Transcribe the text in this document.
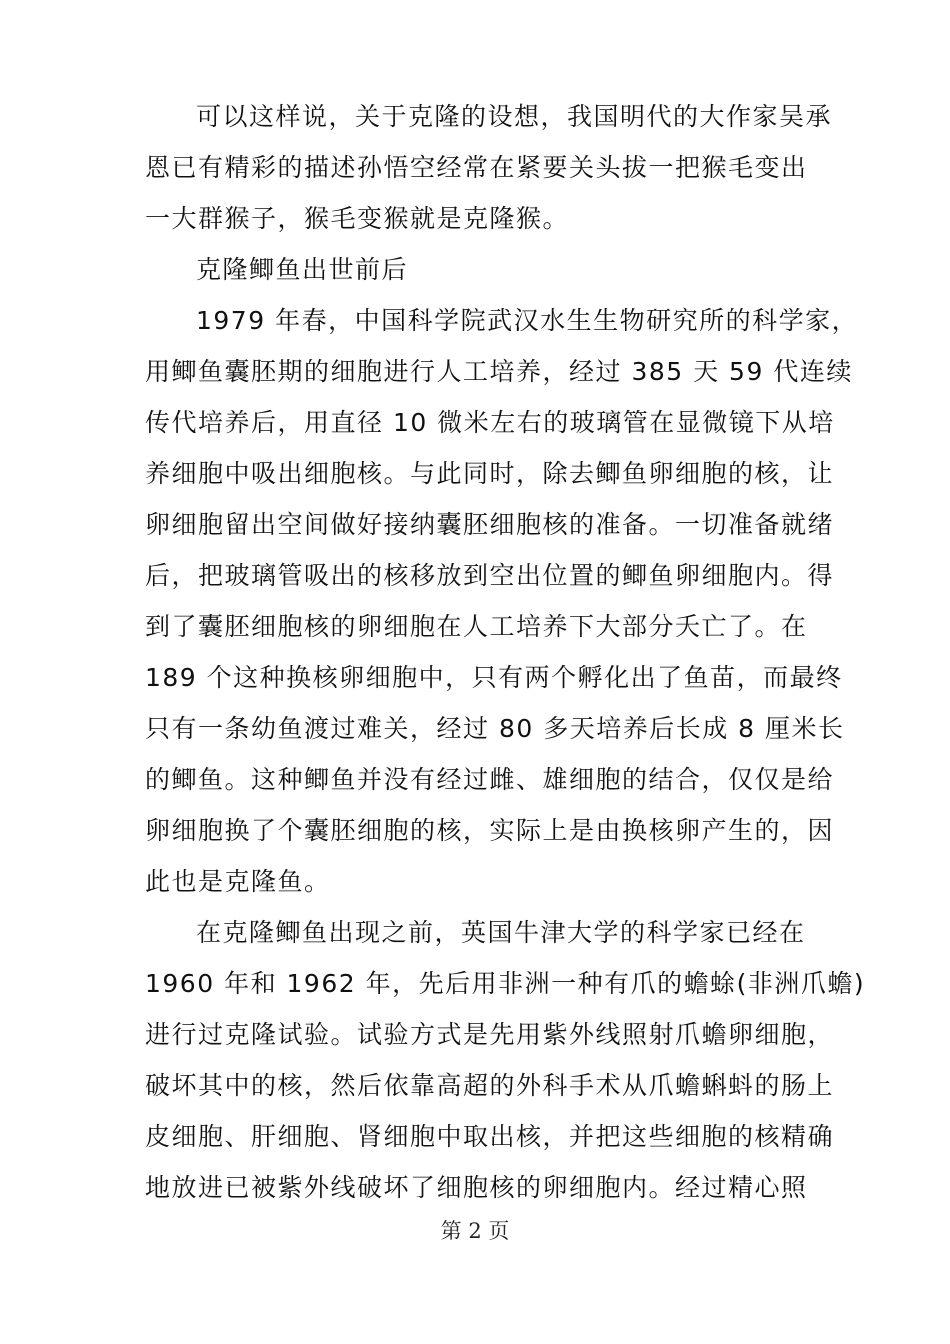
可以这样说，关于克隆的设想，我国明代的大作家吴承
恩已有精彩的描述孙悟空经常在紧要关头拔一把猴毛变出
一大群猴子，猴毛变猴就是克隆猴。
克隆鲫鱼出世前后
1979 年春，中国科学院武汉水生生物研究所的科学家，
用鲫鱼囊胚期的细胞进行人工培养，经过 385 天 59 代连续
传代培养后，用直径 10 微米左右的玻璃管在显微镜下从培
养细胞中吸出细胞核。与此同时，除去鲫鱼卵细胞的核，让
卵细胞留出空间做好接纳囊胚细胞核的准备。一切准备就绪
后，把玻璃管吸出的核移放到空出位置的鲫鱼卵细胞内。得
到了囊胚细胞核的卵细胞在人工培养下大部分夭亡了。在
189 个这种换核卵细胞中，只有两个孵化出了鱼苗，而最终
只有一条幼鱼渡过难关，经过 80 多天培养后长成 8 厘米长
的鲫鱼。这种鲫鱼并没有经过雌、雄细胞的结合，仅仅是给
卵细胞换了个囊胚细胞的核，实际上是由换核卵产生的，因
此也是克隆鱼。
在克隆鲫鱼出现之前，英国牛津大学的科学家已经在
1960 年和 1962 年，先后用非洲一种有爪的蟾蜍(非洲爪蟾)
进行过克隆试验。试验方式是先用紫外线照射爪蟾卵细胞，
破坏其中的核，然后依靠高超的外科手术从爪蟾蝌蚪的肠上
皮细胞、肝细胞、肾细胞中取出核，并把这些细胞的核精确
地放进已被紫外线破坏了细胞核的卵细胞内。经过精心照
第 2 页
